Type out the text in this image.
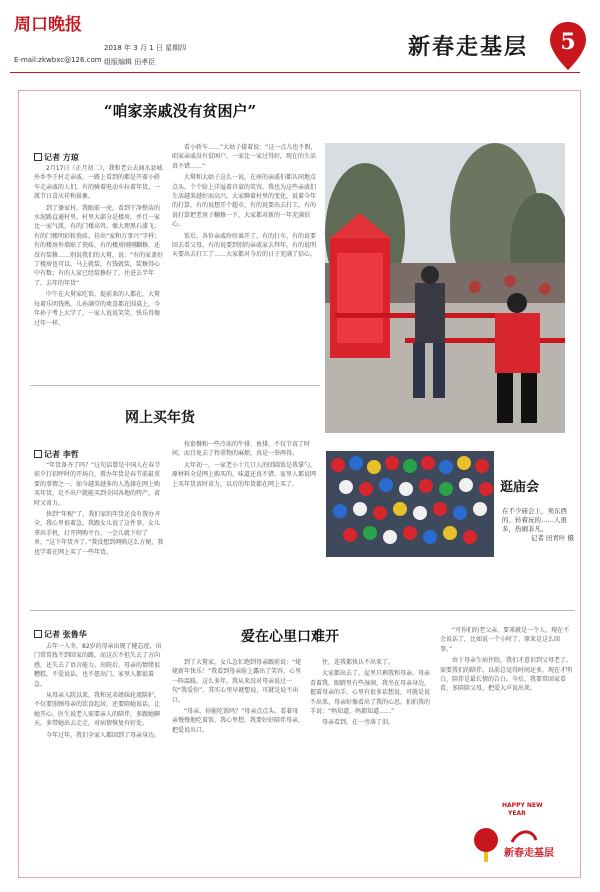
周口晚报
E-mail:zkwbxc@126.com
2018 年 3 月 1 日 星期四
组版编辑 田孝臣
新春走基层	5
“咱家亲戚没有贫困户”
记者 方琼

2月17日（正月初二），我和老公去商水县城外乡李王村走亲戚，一路上看到的都是开着小轿车走亲戚的人们，有的骑着电动车拉着年货，一派节日喜庆祥和景象。

到了婆家村，我眼前一亮，看到干净整洁的水泥路直通村里，村里大部分是楼房，并且一家比一家气派，有的门楼高耸，像大理黑石漆飞；有的门楼明彩转瓷砖，挂出“家和万事兴”字样；有的楼房外墙贴了瓷砖，有的楼房刚刚翻修，还没有装修……别说我们的大舅，说：“有的家盖好了楼房也可以，马上就装，有钱就装，装修得心中有数；有的人家已经装修好了，住进去半年了，去年的年货”

中午在大舅家吃饭，提前来的人都在，大舅每着乐明钱熟，儿孙满堂的欢喜都在围桌上，今年孙子考上大学了，一家人说说笑笑，快乐得像过年一样。

看小轿车……”大姑子接着说：“这一点儿也不假，咱家亲戚没有贫困户，一家比一家过得好，现在的生活真不错……”

大舅和大姑子这么一说，在座的亲戚们都认同地点点头，个个脸上洋溢着自豪的笑容，我也为这些亲戚们生活越来越好而高兴。大家聊着村里的变化，说着今年的打算，有的说想开个超市，有的说要出去打工，有的说打算把老房子翻修一下，大家都对新的一年充满信心。

饭后，各位亲戚纷纷离开了，有的打车，有的说要回去看父母，有的说要到别的亲戚家去拜年，有的说明天要出去打工了……大家都对今后的日子充满了信心。

网上买年货
记者 李哲

“年货备齐了吗？”这句话曾是中国人在春节前夕打招呼时的开场白，置办年货是春节前最重要的事情之一。如今越来越多的人选择在网上购买年货，足不出户就能买到全国各地的特产，省时又省力。

快到“年根”了，我们家的年货还没有置办齐全，我心里很着急。我跟女儿说了这件事，女儿拿出手机，打开网购平台，一会儿就下好了单，“这下年货齐了。”我没想到网购这么方便，我也学着在网上买了一些年货。

按套餐和一些冷冻的牛排、鱼排，不仅节省了时间，而且免去了拎重物的麻烦，真是一举两得。

大年初一，一家老小十几口人的团圆饭是我掌勺，原材料全是网上购买的，味道还真不错。家里人都说网上买年货省时省力，以后的年货都在网上买了。	逛庙会
在不少庙会上，卖东西的、转着玩的……人很多，热闹非凡。
记者 田青叶 摄
爱在心里口难开
记者 张鲁华

去年一入冬，82岁的母亲出现了健忘症，出门常常找不到回家的路，而这次不但失去了方向感，还失去了语言能力。出院后，母亲的情绪很糟糕，不爱说话，也不愿出门，家里人都很着急。

从母亲入院以来，我和兄弟姐妹轮流陪护，不仅要照顾母亲的饮食起居，还要陪她说话，让她开心。医生说老人需要亲人的陪伴，多跟她聊天，多带她出去走走，对病情恢复有好处。

今年过年，我们全家人都回到了母亲身边。

到了大舅家，女儿急忙跑到母亲跟前说：“姥姥新年快乐！”我看到母亲脸上露出了笑容，心里一阵温暖。这么多年，我从来没对母亲说过一句“我爱你”，其实心里早就想说，可就是说不出口。

“母亲，你能吃饭吗？”母亲点点头。看着母亲慢慢地吃着饭，我心里想，我要好好陪伴母亲，把爱说出口。

住，连我都快认不出来了。

大家都出去了，屋里只剩我和母亲。母亲看着我，眼睛里有些湿润，我坐在母亲身边，握着母亲的手，心里有很多话想说，可就是说不出来。母亲好像看出了我的心思，拍拍我的手说：“妈知道，妈都知道……”

母亲看到，在一旁落了泪。

“可你们的老父亲，要来就是一个人，现在不会说话了，比如说一个小时了，原来是这么回事。”

由于母亲生病住院，我们才意识到父母老了，需要我们的陪伴。以前总觉得时间还多，现在才明白，陪伴是最长情的告白。今后，我要常回家看看，多陪陪父母，把爱大声说出来。

HAPPY NEW
YEAR
新春走基层
